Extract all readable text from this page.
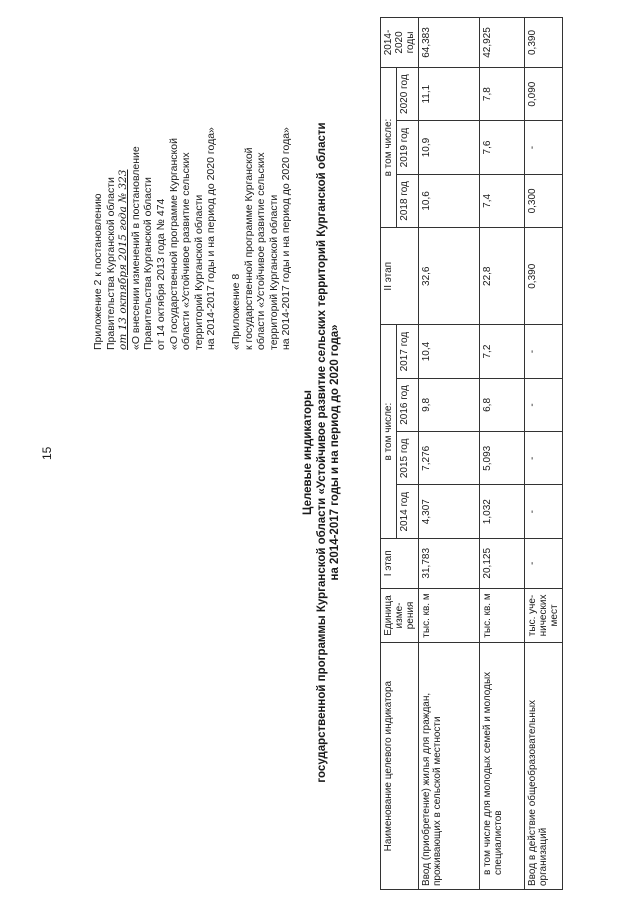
15
Приложение 2 к постановлению Правительства Курганской области от 13 октября 2015 года № 323 «О внесении изменений в постановление Правительства Курганской области от 14 октября 2013 года № 474 «О государственной программе Курганской области «Устойчивое развитие сельских территорий Курганской области на 2014-2017 годы и на период до 2020 года» «Приложение 8 к государственной программе Курганской области «Устойчивое развитие сельских территорий Курганской области на 2014-2017 годы и на период до 2020 года»
Целевые индикаторы государственной программы Курганской области «Устойчивое развитие сельских территорий Курганской области на 2014-2017 годы и на период до 2020 года»
Наименование целевого индикатора	Единица изме-рения	I этап	в том числе:				II этап	в том числе:			2014-2020 годы
			2014 год	2015 год	2016 год	2017 год		2018 год	2019 год	2020 год	

Ввод (приобретение) жилья для граждан, проживающих в сельской местности	тыс. кв. м	31,783	4,307	7,276	9,8	10,4	32,6	10,6	10,9	11,1	64,383
в том числе для молодых семей и молодых специалистов	тыс. кв. м	20,125	1,032	5,093	6,8	7,2	22,8	7,4	7,6	7,8	42,925
Ввод в действие общеобразовательных организаций	тыс. уче-нических мест	-	-	-	-	-	0,390	0,300	-	0,090	0,390
